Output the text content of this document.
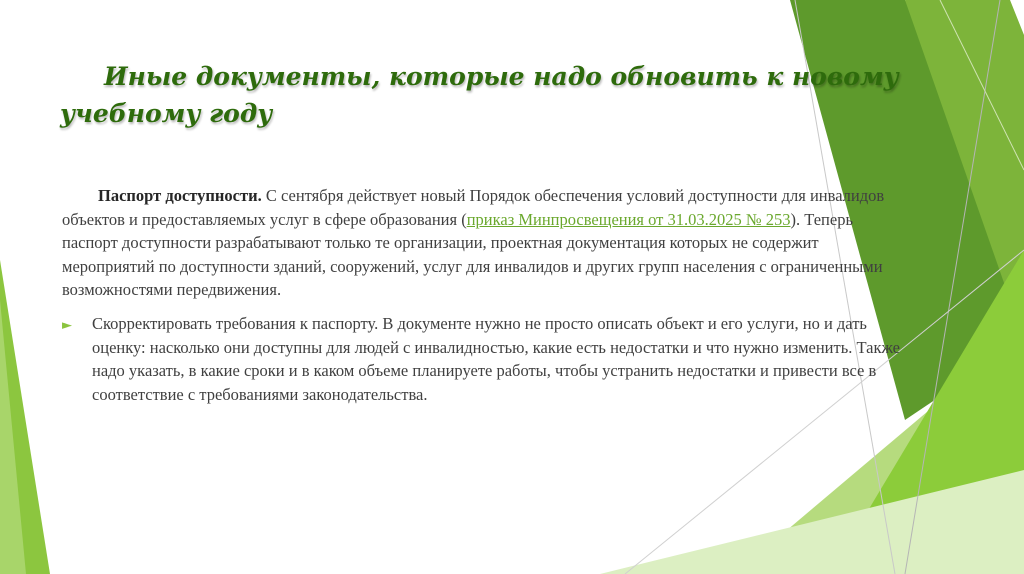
Иные документы, которые надо обновить к новому учебному году

Паспорт доступности. С сентября действует новый Порядок обеспечения условий доступности для инвалидов объектов и предоставляемых услуг в сфере образования (приказ Минпросвещения от 31.03.2025 № 253). Теперь паспорт доступности разрабатывают только те организации, проектная документация которых не содержит мероприятий по доступности зданий, сооружений, услуг для инвалидов и других групп населения с ограниченными возможностями передвижения.

► Скорректировать требования к паспорту. В документе нужно не просто описать объект и его услуги, но и дать оценку: насколько они доступны для людей с инвалидностью, какие есть недостатки и что нужно изменить. Также надо указать, в какие сроки и в каком объеме планируете работы, чтобы устранить недостатки и привести все в соответствие с требованиями законодательства.
